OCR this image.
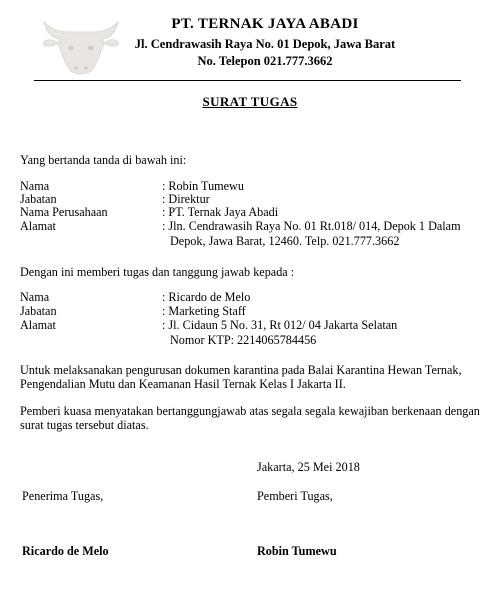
PT. TERNAK JAYA ABADI
Jl. Cendrawasih Raya No. 01 Depok, Jawa Barat
No. Telepon 021.777.3662
SURAT TUGAS
Yang bertanda tanda di bawah ini:
Nama	: Robin Tumewu
Jabatan	: Direktur
Nama Perusahaan	: PT. Ternak Jaya Abadi
Alamat	: Jln. Cendrawasih Raya No. 01 Rt.018/ 014, Depok 1 Dalam
Depok, Jawa Barat, 12460. Telp. 021.777.3662
Dengan ini memberi tugas dan tanggung jawab kepada :
Nama	: Ricardo de Melo
Jabatan	: Marketing Staff
Alamat	: Jl. Cidaun 5 No. 31, Rt 012/ 04 Jakarta Selatan
Nomor KTP: 2214065784456
Untuk melaksanakan pengurusan dokumen karantina pada Balai Karantina Hewan Ternak,
Pengendalian Mutu dan Keamanan Hasil Ternak Kelas I Jakarta II.
Pemberi kuasa menyatakan bertanggungjawab atas segala segala kewajiban berkenaan dengan
surat tugas tersebut diatas.
Jakarta, 25 Mei 2018
Penerima Tugas,	Pemberi Tugas,
Ricardo de Melo	Robin Tumewu
